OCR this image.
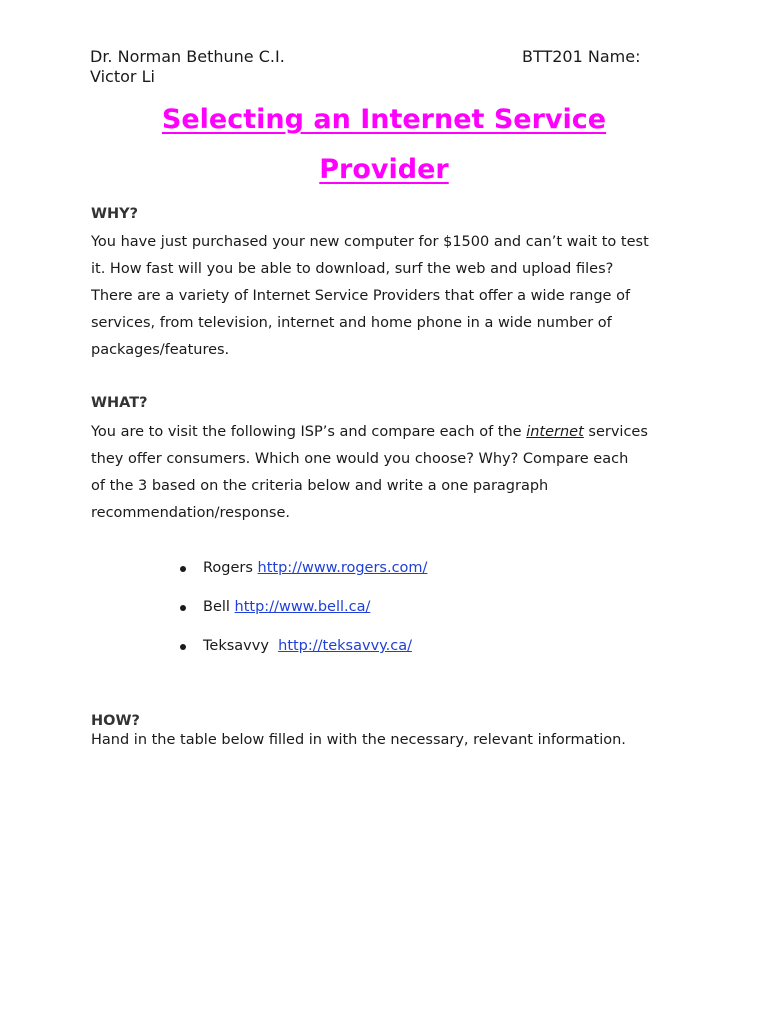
Dr. Norman Bethune C.I.	BTT201 Name:
Victor Li
Selecting an Internet Service
Provider
WHY?

You have just purchased your new computer for $1500 and can’t wait to test

it. How fast will you be able to download, surf the web and upload files?

There are a variety of Internet Service Providers that offer a wide range of

services, from television, internet and home phone in a wide number of

packages/features.

WHAT?

You are to visit the following ISP’s and compare each of the internet services

they offer consumers. Which one would you choose? Why? Compare each

of the 3 based on the criteria below and write a one paragraph

recommendation/response.

Rogers http://www.rogers.com/
Bell http://www.bell.ca/
Teksavvy  http://teksavvy.ca/
HOW?
Hand in the table below filled in with the necessary, relevant information.
